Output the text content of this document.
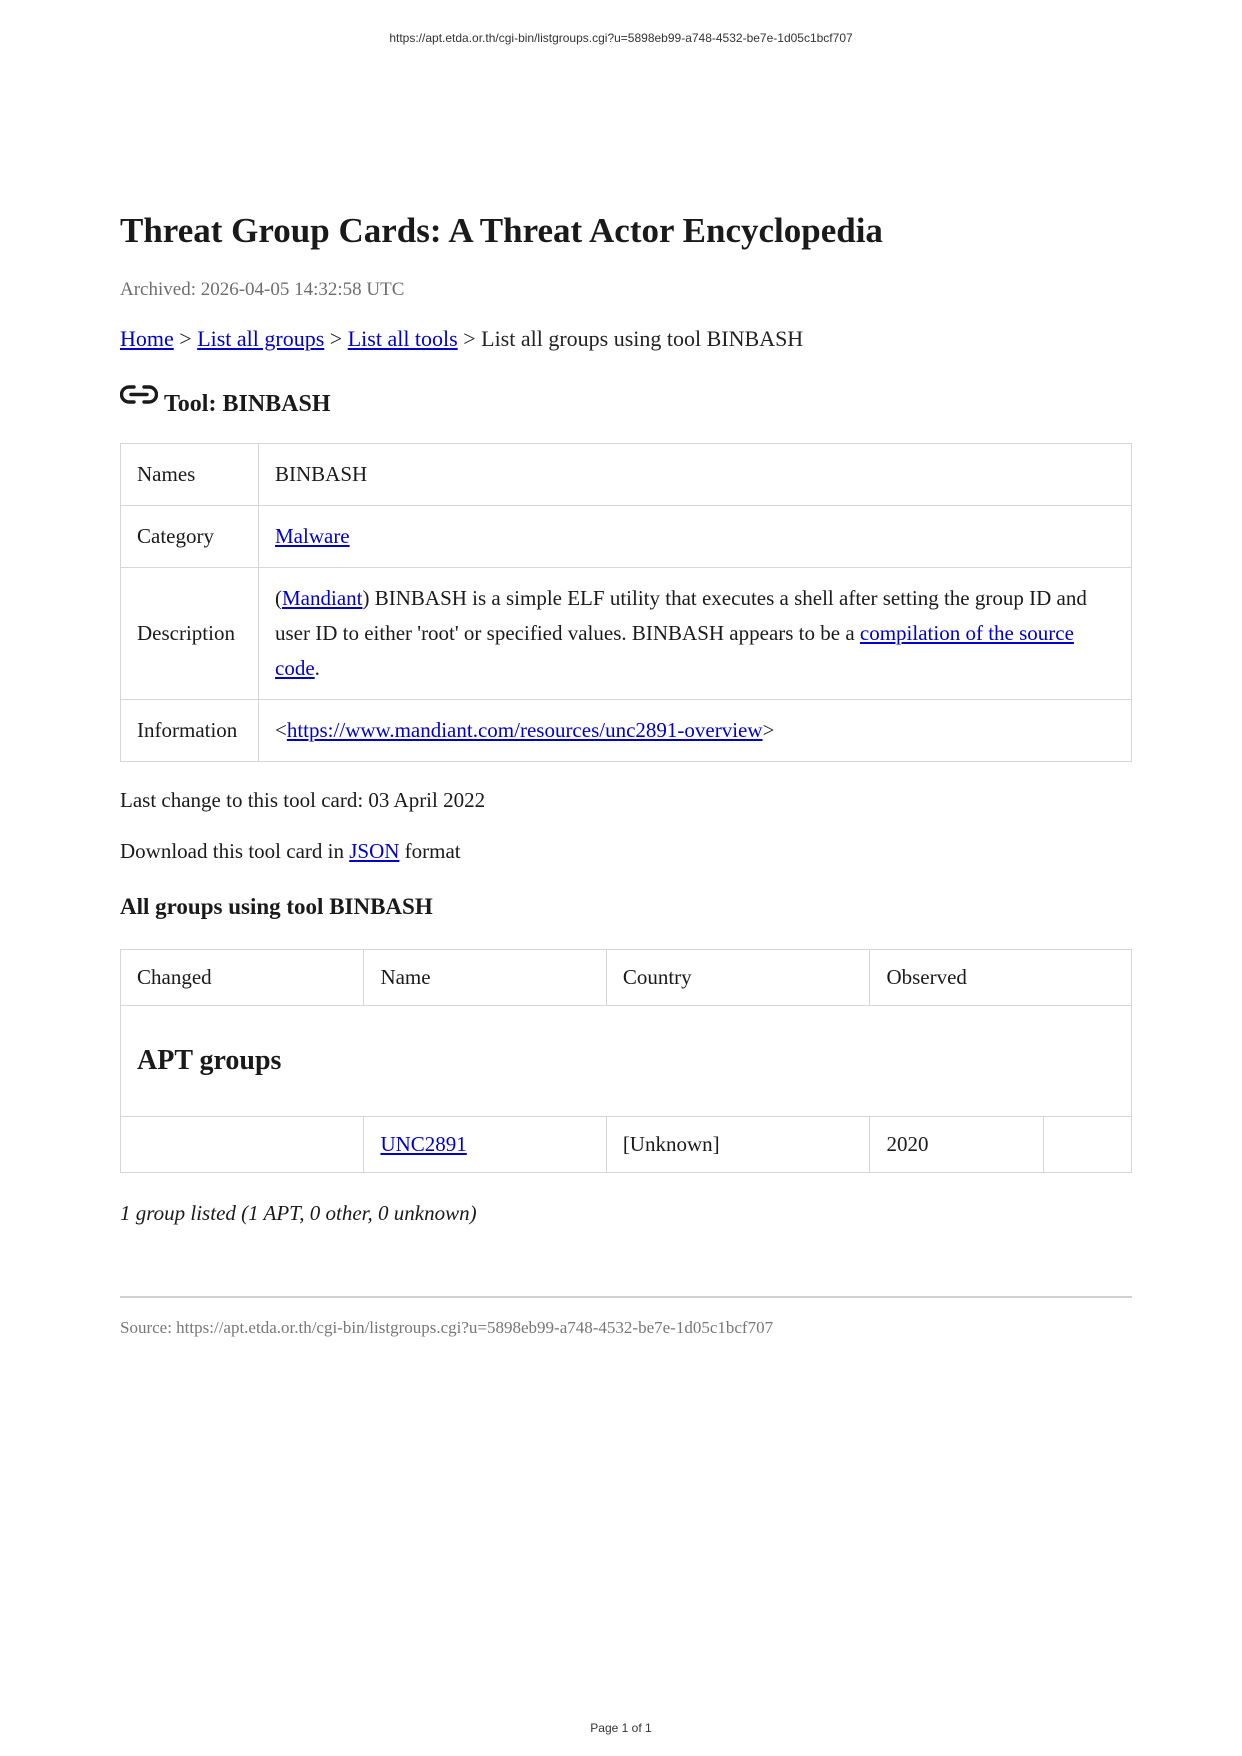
https://apt.etda.or.th/cgi-bin/listgroups.cgi?u=5898eb99-a748-4532-be7e-1d05c1bcf707
Threat Group Cards: A Threat Actor Encyclopedia
Archived: 2026-04-05 14:32:58 UTC
Home > List all groups > List all tools > List all groups using tool BINBASH
Tool: BINBASH
Names	BINBASH
Category	Malware
Description	(Mandiant) BINBASH is a simple ELF utility that executes a shell after setting the group ID and user ID to either 'root' or specified values. BINBASH appears to be a compilation of the source code.
Information	<https://www.mandiant.com/resources/unc2891-overview>
Last change to this tool card: 03 April 2022
Download this tool card in JSON format
All groups using tool BINBASH
Changed	Name	Country	Observed	
APT groups				
	UNC2891	[Unknown]	2020	
1 group listed (1 APT, 0 other, 0 unknown)
Source: https://apt.etda.or.th/cgi-bin/listgroups.cgi?u=5898eb99-a748-4532-be7e-1d05c1bcf707
Page 1 of 1
